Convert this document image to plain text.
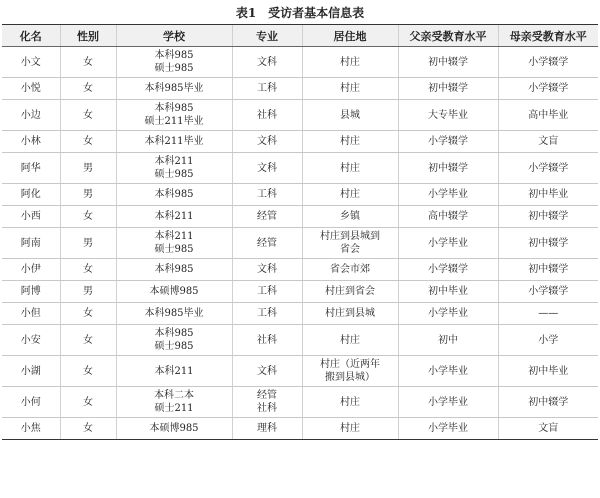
表1　受访者基本信息表
化名	性别	学校	专业	居住地	父亲受教育水平	母亲受教育水平

小文	女	本科985
硕士985	文科	村庄	初中辍学	小学辍学

小悦	女	本科985毕业	工科	村庄	初中辍学	小学辍学

小边	女	本科985
硕士211毕业	社科	县城	大专毕业	高中毕业

小林	女	本科211毕业	文科	村庄	小学辍学	文盲

阿华	男	本科211
硕士985	文科	村庄	初中辍学	小学辍学

阿化	男	本科985	工科	村庄	小学毕业	初中毕业

小西	女	本科211	经管	乡镇	高中辍学	初中辍学

阿南	男	本科211
硕士985	经管	村庄到县城到
省会	小学毕业	初中辍学

小伊	女	本科985	文科	省会市郊	小学辍学	初中辍学

阿博	男	本硕博985	工科	村庄到省会	初中毕业	小学辍学

小但	女	本科985毕业	工科	村庄到县城	小学毕业	——

小安	女	本科985
硕士985	社科	村庄	初中	小学

小湖	女	本科211	文科	村庄（近两年
搬到县城）	小学毕业	初中毕业

小何	女	本科二本
硕士211	经管
社科	村庄	小学毕业	初中辍学

小焦	女	本硕博985	理科	村庄	小学毕业	文盲
